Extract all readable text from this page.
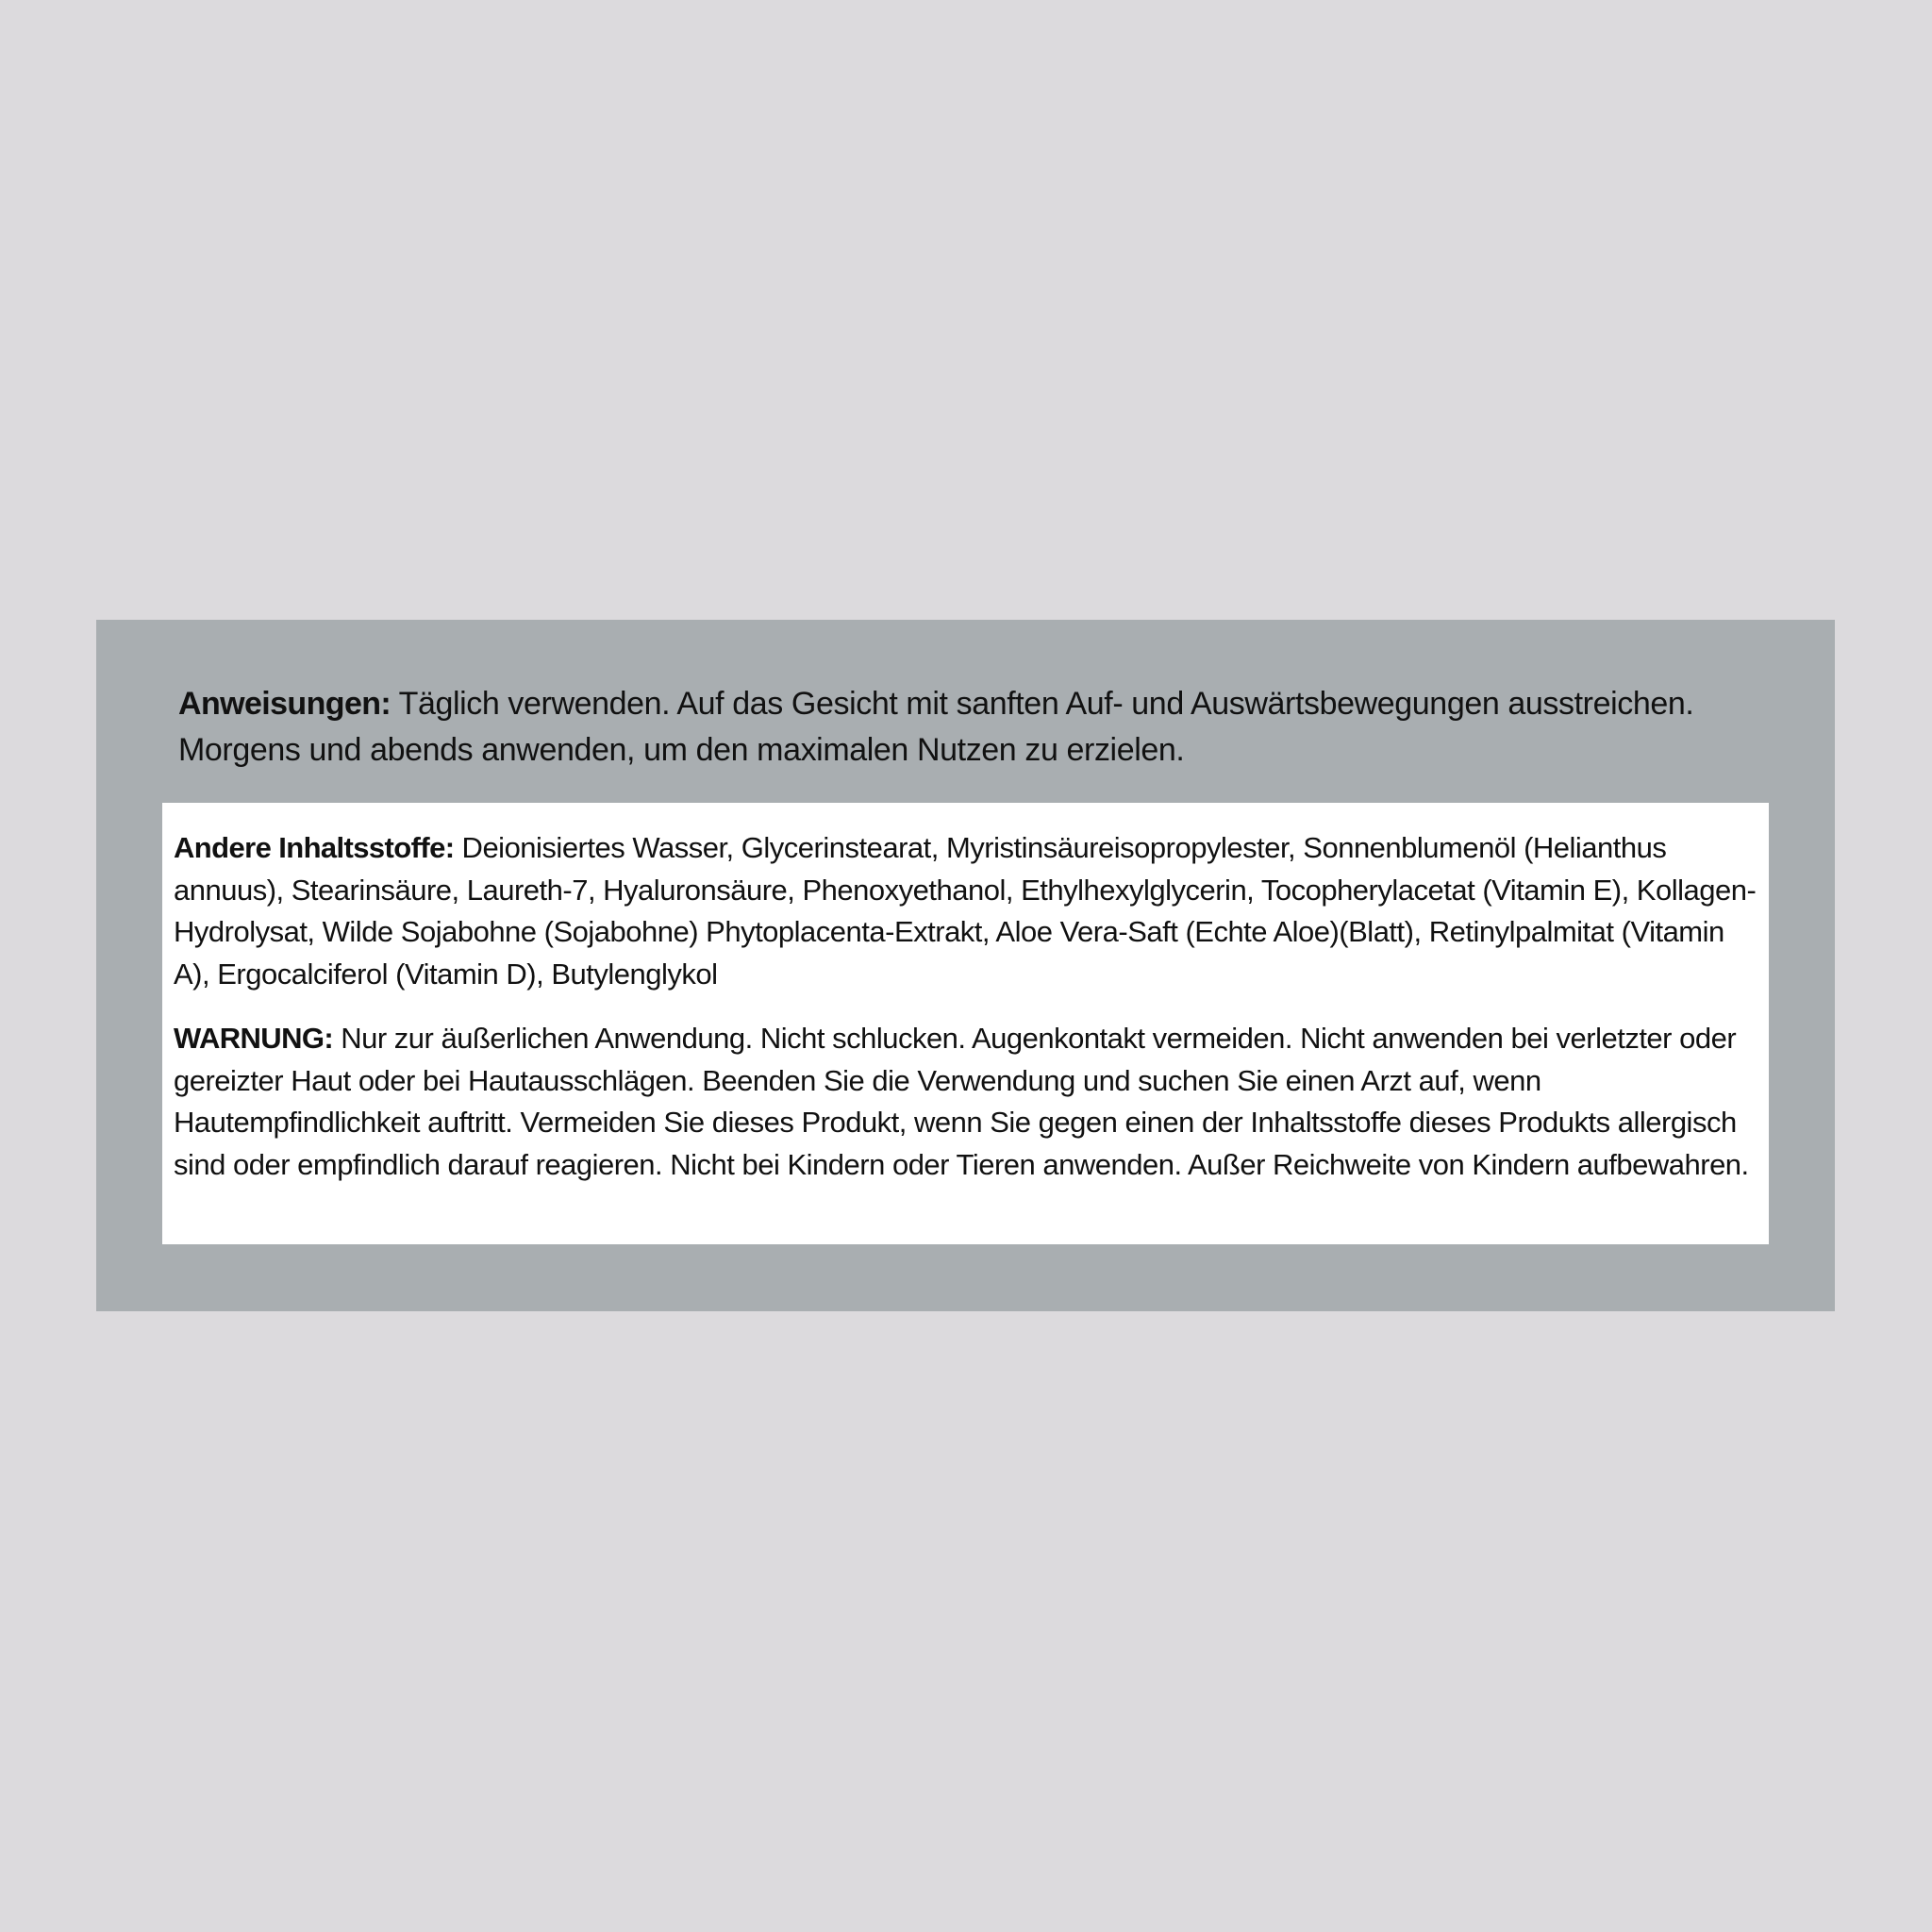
Anweisungen: Täglich verwenden. Auf das Gesicht mit sanften Auf- und Auswärtsbewegungen ausstreichen. Morgens und abends anwenden, um den maximalen Nutzen zu erzielen.

Andere Inhaltsstoffe: Deionisiertes Wasser, Glycerinstearat, Myristinsäureisopropylester, Sonnenblumenöl (Helianthus annuus), Stearinsäure, Laureth-7, Hyaluronsäure, Phenoxyethanol, Ethylhexylglycerin, Tocopherylacetat (Vitamin E), Kollagen-Hydrolysat, Wilde Sojabohne (Sojabohne) Phytoplacenta-Extrakt, Aloe Vera-Saft (Echte Aloe)(Blatt), Retinylpalmitat (Vitamin A), Ergocalciferol (Vitamin D), Butylenglykol

WARNUNG: Nur zur äußerlichen Anwendung. Nicht schlucken. Augenkontakt vermeiden. Nicht anwenden bei verletzter oder gereizter Haut oder bei Hautausschlägen. Beenden Sie die Verwendung und suchen Sie einen Arzt auf, wenn Hautempfindlichkeit auftritt. Vermeiden Sie dieses Produkt, wenn Sie gegen einen der Inhaltsstoffe dieses Produkts allergisch sind oder empfindlich darauf reagieren. Nicht bei Kindern oder Tieren anwenden. Außer Reichweite von Kindern aufbewahren.
